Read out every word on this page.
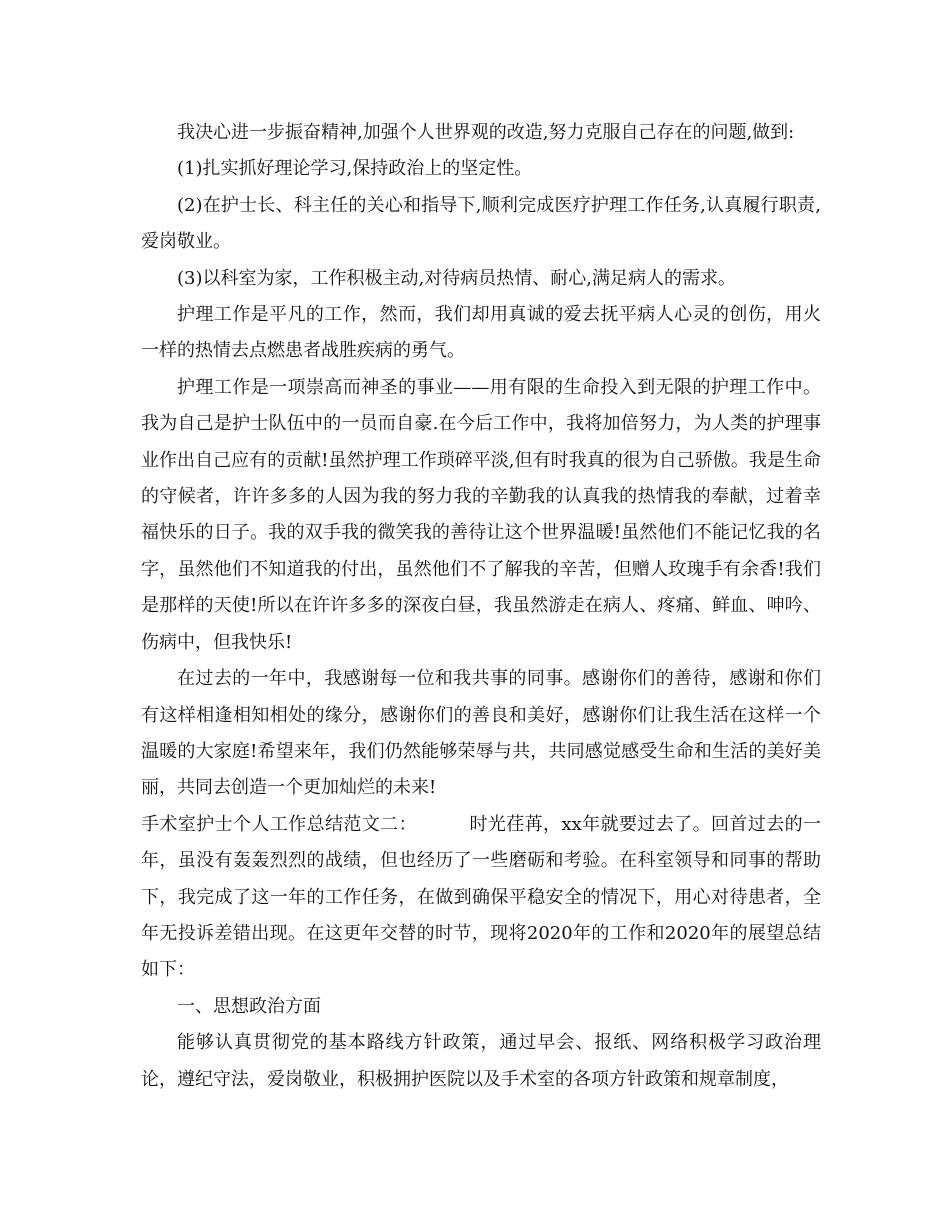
我决心进一步振奋精神,加强个人世界观的改造,努力克服自己存在的问题,做到:

(1)扎实抓好理论学习,保持政治上的坚定性。

(2)在护士长、科主任的关心和指导下,顺利完成医疗护理工作任务,认真履行职责,爱岗敬业。

(3)以科室为家，工作积极主动,对待病员热情、耐心,满足病人的需求。

护理工作是平凡的工作，然而，我们却用真诚的爱去抚平病人心灵的创伤，用火一样的热情去点燃患者战胜疾病的勇气。

护理工作是一项崇高而神圣的事业——用有限的生命投入到无限的护理工作中。我为自己是护士队伍中的一员而自豪.在今后工作中，我将加倍努力，为人类的护理事业作出自己应有的贡献!虽然护理工作琐碎平淡,但有时我真的很为自己骄傲。我是生命的守候者，许许多多的人因为我的努力我的辛勤我的认真我的热情我的奉献，过着幸福快乐的日子。我的双手我的微笑我的善待让这个世界温暖!虽然他们不能记忆我的名字，虽然他们不知道我的付出，虽然他们不了解我的辛苦，但赠人玫瑰手有余香!我们是那样的天使!所以在许许多多的深夜白昼，我虽然游走在病人、疼痛、鲜血、呻吟、伤病中，但我快乐!

在过去的一年中，我感谢每一位和我共事的同事。感谢你们的善待，感谢和你们有这样相逢相知相处的缘分，感谢你们的善良和美好，感谢你们让我生活在这样一个温暖的大家庭!希望来年，我们仍然能够荣辱与共，共同感觉感受生命和生活的美好美丽，共同去创造一个更加灿烂的未来!

手术室护士个人工作总结范文二：	时光荏苒，xx年就要过去了。回首过去的一年，虽没有轰轰烈烈的战绩，但也经历了一些磨砺和考验。在科室领导和同事的帮助下，我完成了这一年的工作任务，在做到确保平稳安全的情况下，用心对待患者，全年无投诉差错出现。在这更年交替的时节，现将2020年的工作和2020年的展望总结如下：

一、思想政治方面

能够认真贯彻党的基本路线方针政策，通过早会、报纸、网络积极学习政治理论，遵纪守法，爱岗敬业，积极拥护医院以及手术室的各项方针政策和规章制度，
